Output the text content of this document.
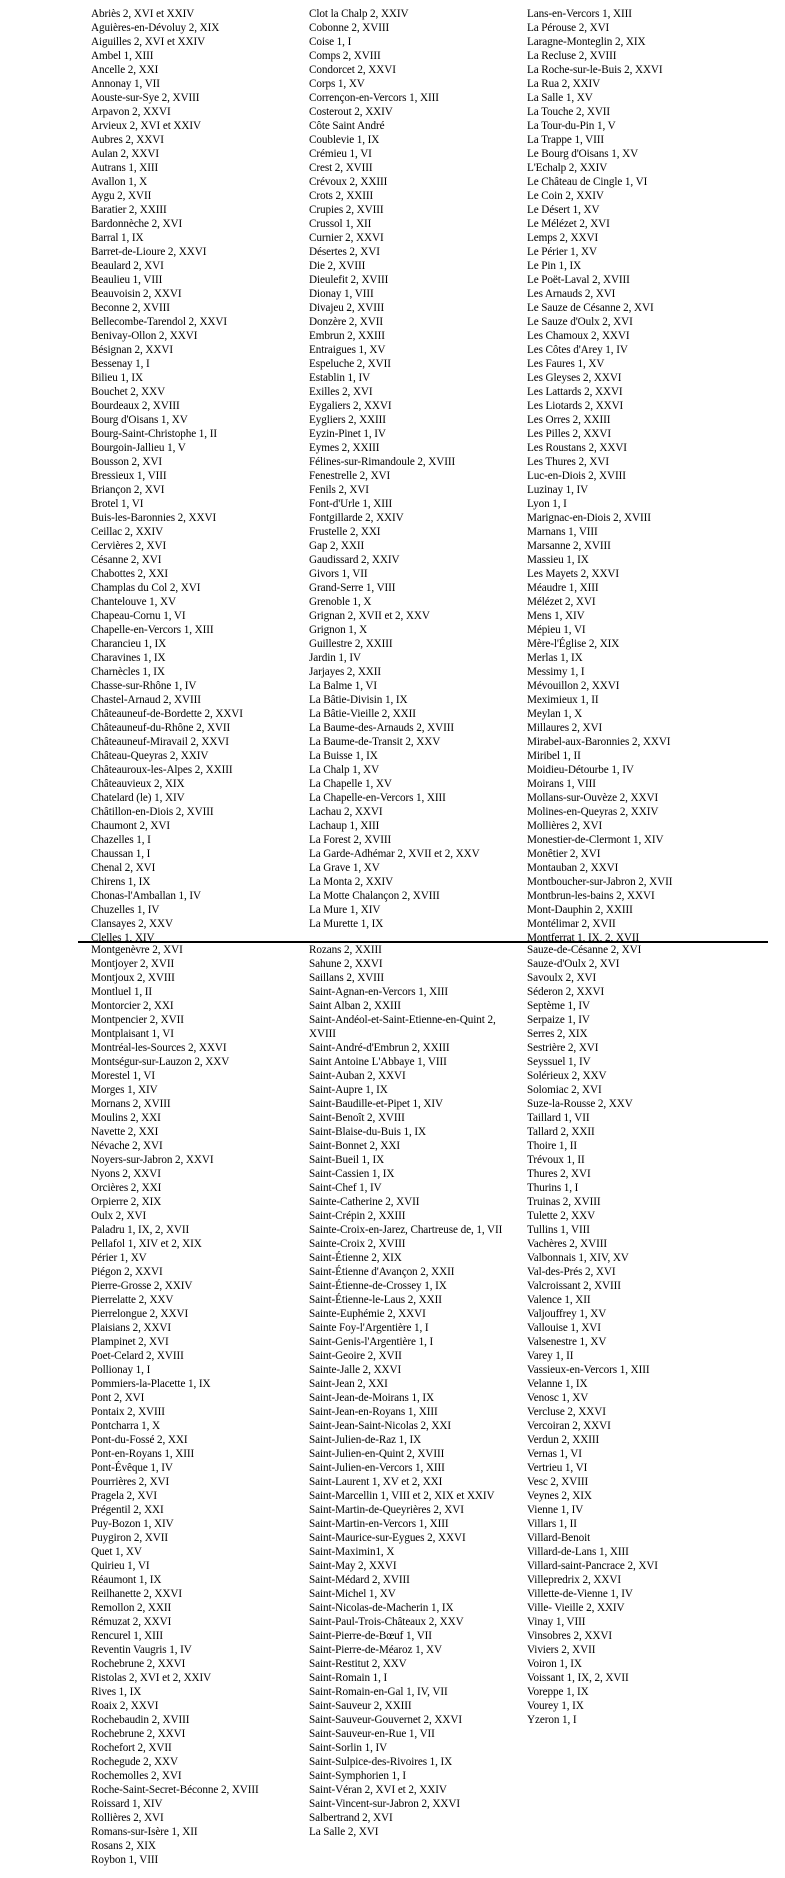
Abriès 2, XVI et XXIV
Aguières-en-Dévoluy 2, XIX
Aiguilles 2, XVI et XXIV
Ambel 1, XIII
Ancelle 2, XXI
Annonay 1, VII
Aouste-sur-Sye 2, XVIII
Arpavon 2, XXVI
Arvieux 2, XVI et XXIV
Aubres 2, XXVI
Aulan 2, XXVI
Autrans 1, XIII
Avallon 1, X
Aygu 2, XVII
Baratier 2, XXIII
Bardonnèche 2, XVI
Barral 1, IX
Barret-de-Lioure 2, XXVI
Beaulard 2, XVI
Beaulieu 1, VIII
Beauvoisin 2, XXVI
Beconne 2, XVIII
Bellecombe-Tarendol 2, XXVI
Benivay-Ollon 2, XXVI
Bésignan 2, XXVI
Bessenay 1, I
Bilieu 1, IX
Bouchet 2, XXV
Bourdeaux 2, XVIII
Bourg d'Oisans 1, XV
Bourg-Saint-Christophe 1, II
Bourgoin-Jallieu 1, V
Bousson 2, XVI
Bressieux 1, VIII
Briançon 2, XVI
Brotel 1, VI
Buis-les-Baronnies 2, XXVI
Ceillac 2, XXIV
Cervières 2, XVI
Césanne 2, XVI
Chabottes 2, XXI
Champlas du Col 2, XVI
Chantelouve 1, XV
Chapeau-Cornu 1, VI
Chapelle-en-Vercors 1, XIII
Charancieu 1, IX
Charavines 1, IX
Charnècles 1, IX
Chasse-sur-Rhône 1, IV
Chastel-Arnaud 2, XVIII
Châteauneuf-de-Bordette 2, XXVI
Châteauneuf-du-Rhône 2, XVII
Châteauneuf-Miravail 2, XXVI
Château-Queyras 2, XXIV
Châteauroux-les-Alpes 2, XXIII
Châteauvieux 2, XIX
Chatelard (le) 1, XIV
Châtillon-en-Diois 2, XVIII
Chaumont 2, XVI
Chazelles 1, I
Chaussan 1, I
Chenal 2, XVI
Chirens 1, IX
Chonas-l'Amballan 1, IV
Chuzelles 1, IV
Clansayes 2, XXV
Clelles 1, XIV
Clot la Chalp 2, XXIV
Cobonne 2, XVIII
Coise 1, I
Comps 2, XVIII
Condorcet 2, XXVI
Corps 1, XV
Corrençon-en-Vercors 1, XIII
Costerout 2, XXIV
Côte Saint André
Coublevie 1, IX
Crémieu 1, VI
Crest 2, XVIII
Crévoux 2, XXIII
Crots 2, XXIII
Crupies 2, XVIII
Crussol 1, XII
Curnier 2, XXVI
Désertes 2, XVI
Die 2, XVIII
Dieulefit 2, XVIII
Dionay 1, VIII
Divajeu 2, XVIII
Donzère 2, XVII
Embrun 2, XXIII
Entraigues 1, XV
Espeluche 2, XVII
Establin 1, IV
Exilles 2, XVI
Eygaliers 2, XXVI
Eygliers 2, XXIII
Eyzin-Pinet 1, IV
Eymes 2, XXIII
Félines-sur-Rimandoule 2, XVIII
Fenestrelle 2, XVI
Fenils 2, XVI
Font-d'Urle 1, XIII
Fontgillarde 2, XXIV
Frustelle 2, XXI
Gap 2, XXII
Gaudissard 2, XXIV
Givors 1, VII
Grand-Serre 1, VIII
Grenoble 1, X
Grignan 2, XVII et 2, XXV
Grignon 1, X
Guillestre 2, XXIII
Jardin 1, IV
Jarjayes 2, XXII
La Balme 1, VI
La Bâtie-Divisin 1, IX
La Bâtie-Vieille 2, XXII
La Baume-des-Arnauds 2, XVIII
La Baume-de-Transit 2, XXV
La Buisse 1, IX
La Chalp 1, XV
La Chapelle 1, XV
La Chapelle-en-Vercors 1, XIII
Lachau 2, XXVI
Lachaup 1, XIII
La Forest 2, XVIII
La Garde-Adhémar 2, XVII et 2, XXV
La Grave 1, XV
La Monta 2, XXIV
La Motte Chalançon 2, XVIII
La Mure 1, XIV
La Murette 1, IX
Lans-en-Vercors 1, XIII
La Pérouse 2, XVI
Laragne-Monteglin 2, XIX
La Recluse 2, XVIII
La Roche-sur-le-Buis 2, XXVI
La Rua 2, XXIV
La Salle 1, XV
La Touche 2, XVII
La Tour-du-Pin 1, V
La Trappe 1, VIII
Le Bourg d'Oisans 1, XV
L'Echalp 2, XXIV
Le Château de Cingle 1, VI
Le Coin 2, XXIV
Le Désert 1, XV
Le Mélézet 2, XVI
Lemps 2, XXVI
Le Périer 1, XV
Le Pin 1, IX
Le Poët-Laval 2, XVIII
Les Arnauds 2, XVI
Le Sauze de Césanne 2, XVI
Le Sauze d'Oulx 2, XVI
Les Chamoux 2, XXVI
Les Côtes d'Arey 1, IV
Les Faures 1, XV
Les Gleyses 2, XXVI
Les Lattards 2, XXVI
Les Liotards 2, XXVI
Les Orres 2, XXIII
Les Pilles 2, XXVI
Les Roustans 2, XXVI
Les Thures 2, XVI
Luc-en-Diois 2, XVIII
Luzinay 1, IV
Lyon 1, I
Marignac-en-Diois 2, XVIII
Marnans 1, VIII
Marsanne 2, XVIII
Massieu 1, IX
Les Mayets 2, XXVI
Méaudre 1, XIII
Mélézet 2, XVI
Mens 1, XIV
Mépieu 1, VI
Mère-l'Église 2, XIX
Merlas 1, IX
Messimy 1, I
Mévouillon 2, XXVI
Meximieux 1, II
Meylan 1, X
Millaures 2, XVI
Mirabel-aux-Baronnies 2, XXVI
Miribel 1, II
Moidieu-Détourbe 1, IV
Moirans 1, VIII
Mollans-sur-Ouvèze 2, XXVI
Molines-en-Queyras 2, XXIV
Mollières 2, XVI
Monestier-de-Clermont 1, XIV
Monêtier 2, XVI
Montauban 2, XXVI
Montboucher-sur-Jabron 2, XVII
Montbrun-les-bains 2, XXVI
Mont-Dauphin 2, XXIII
Montélimar 2, XVII
Montferrat 1, IX, 2, XVII
Montgenèvre 2, XVI
Montjoyer 2, XVII
Montjoux 2, XVIII
Montluel 1, II
Montorcier 2, XXI
Montpencier 2, XVII
Montplaisant 1, VI
Montréal-les-Sources 2, XXVI
Montségur-sur-Lauzon 2, XXV
Morestel 1, VI
Morges 1, XIV
Mornans 2, XVIII
Moulins 2, XXI
Navette 2, XXI
Névache 2, XVI
Noyers-sur-Jabron 2, XXVI
Nyons 2, XXVI
Orcières 2, XXI
Orpierre 2, XIX
Oulx 2, XVI
Paladru 1, IX, 2, XVII
Pellafol 1, XIV et 2, XIX
Périer 1, XV
Piégon 2, XXVI
Pierre-Grosse 2, XXIV
Pierrelatte 2, XXV
Pierrelongue 2, XXVI
Plaisians 2, XXVI
Plampinet 2, XVI
Poet-Celard 2, XVIII
Pollionay 1, I
Pommiers-la-Placette 1, IX
Pont 2, XVI
Pontaix 2, XVIII
Pontcharra 1, X
Pont-du-Fossé 2, XXI
Pont-en-Royans 1, XIII
Pont-Évêque 1, IV
Pourrières 2, XVI
Pragela 2, XVI
Prégentil 2, XXI
Puy-Bozon 1, XIV
Puygiron 2, XVII
Quet 1, XV
Quirieu 1, VI
Réaumont 1, IX
Reilhanette 2, XXVI
Remollon 2, XXII
Rémuzat 2, XXVI
Rencurel 1, XIII
Reventin Vaugris 1, IV
Rochebrune 2, XXVI
Ristolas 2, XVI et 2, XXIV
Rives 1, IX
Roaix 2, XXVI
Rochebaudin 2, XVIII
Rochebrune 2, XXVI
Rochefort 2, XVII
Rochegude 2, XXV
Rochemolles 2, XVI
Roche-Saint-Secret-Béconne 2, XVIII
Roissard 1, XIV
Rollières 2, XVI
Romans-sur-Isère 1, XII
Rosans 2, XIX
Roybon 1, VIII
Rozans 2, XXIII
Sahune 2, XXVI
Saillans 2, XVIII
Saint-Agnan-en-Vercors 1, XIII
Saint Alban 2, XXIII
Saint-Andéol-et-Saint-Etienne-en-Quint 2, XVIII
Saint-André-d'Embrun 2, XXIII
Saint Antoine L'Abbaye 1, VIII
Saint-Auban 2, XXVI
Saint-Aupre 1, IX
Saint-Baudille-et-Pipet 1, XIV
Saint-Benoît 2, XVIII
Saint-Blaise-du-Buis 1, IX
Saint-Bonnet 2, XXI
Saint-Bueil 1, IX
Saint-Cassien 1, IX
Saint-Chef 1, IV
Sainte-Catherine 2, XVII
Saint-Crépin 2, XXIII
Sainte-Croix-en-Jarez, Chartreuse de, 1, VII
Sainte-Croix 2, XVIII
Saint-Étienne 2, XIX
Saint-Étienne d'Avançon 2, XXII
Saint-Étienne-de-Crossey 1, IX
Saint-Étienne-le-Laus 2, XXII
Sainte-Euphémie 2, XXVI
Sainte Foy-l'Argentière 1, I
Saint-Genis-l'Argentière 1, I
Saint-Geoire 2, XVII
Sainte-Jalle 2, XXVI
Saint-Jean 2, XXI
Saint-Jean-de-Moirans 1, IX
Saint-Jean-en-Royans 1, XIII
Saint-Jean-Saint-Nicolas 2, XXI
Saint-Julien-de-Raz 1, IX
Saint-Julien-en-Quint 2, XVIII
Saint-Julien-en-Vercors 1, XIII
Saint-Laurent 1, XV et 2, XXI
Saint-Marcellin 1, VIII et 2, XIX et XXIV
Saint-Martin-de-Queyrières 2, XVI
Saint-Martin-en-Vercors 1, XIII
Saint-Maurice-sur-Eygues 2, XXVI
Saint-Maximin1, X
Saint-May 2, XXVI
Saint-Médard 2, XVIII
Saint-Michel 1, XV
Saint-Nicolas-de-Macherin 1, IX
Saint-Paul-Trois-Châteaux 2, XXV
Saint-Pierre-de-Bœuf 1, VII
Saint-Pierre-de-Méaroz 1, XV
Saint-Restitut 2, XXV
Saint-Romain 1, I
Saint-Romain-en-Gal 1, IV, VII
Saint-Sauveur 2, XXIII
Saint-Sauveur-Gouvernet 2, XXVI
Saint-Sauveur-en-Rue 1, VII
Saint-Sorlin 1, IV
Saint-Sulpice-des-Rivoires 1, IX
Saint-Symphorien 1, I
Saint-Véran 2, XVI et 2, XXIV
Saint-Vincent-sur-Jabron 2, XXVI
Salbertrand 2, XVI
La Salle 2, XVI
Sauze-de-Césanne 2, XVI
Sauze-d'Oulx 2, XVI
Savoulx 2, XVI
Séderon 2, XXVI
Septème 1, IV
Serpaize 1, IV
Serres 2, XIX
Sestrière 2, XVI
Seyssuel 1, IV
Solérieux 2, XXV
Solomiac 2, XVI
Suze-la-Rousse 2, XXV
Taillard 1, VII
Tallard 2, XXII
Thoire 1, II
Trévoux 1, II
Thures 2, XVI
Thurins 1, I
Truinas 2, XVIII
Tulette 2, XXV
Tullins 1, VIII
Vachères 2, XVIII
Valbonnais 1, XIV, XV
Val-des-Prés 2, XVI
Valcroissant 2, XVIII
Valence 1, XII
Valjouffrey 1, XV
Vallouise 1, XVI
Valsenestre 1, XV
Varey 1, II
Vassieux-en-Vercors 1, XIII
Velanne 1, IX
Venosc 1, XV
Vercluse 2, XXVI
Vercoiran 2, XXVI
Verdun 2, XXIII
Vernas 1, VI
Vertrieu 1, VI
Vesc 2, XVIII
Veynes 2, XIX
Vienne 1, IV
Villars 1, II
Villard-Benoit
Villard-de-Lans 1, XIII
Villard-saint-Pancrace 2, XVI
Villepredrix 2, XXVI
Villette-de-Vienne 1, IV
Ville- Vieille 2, XXIV
Vinay 1, VIII
Vinsobres 2, XXVI
Viviers 2, XVII
Voiron 1, IX
Voissant 1, IX, 2, XVII
Voreppe 1, IX
Vourey 1, IX
Yzeron 1, I
